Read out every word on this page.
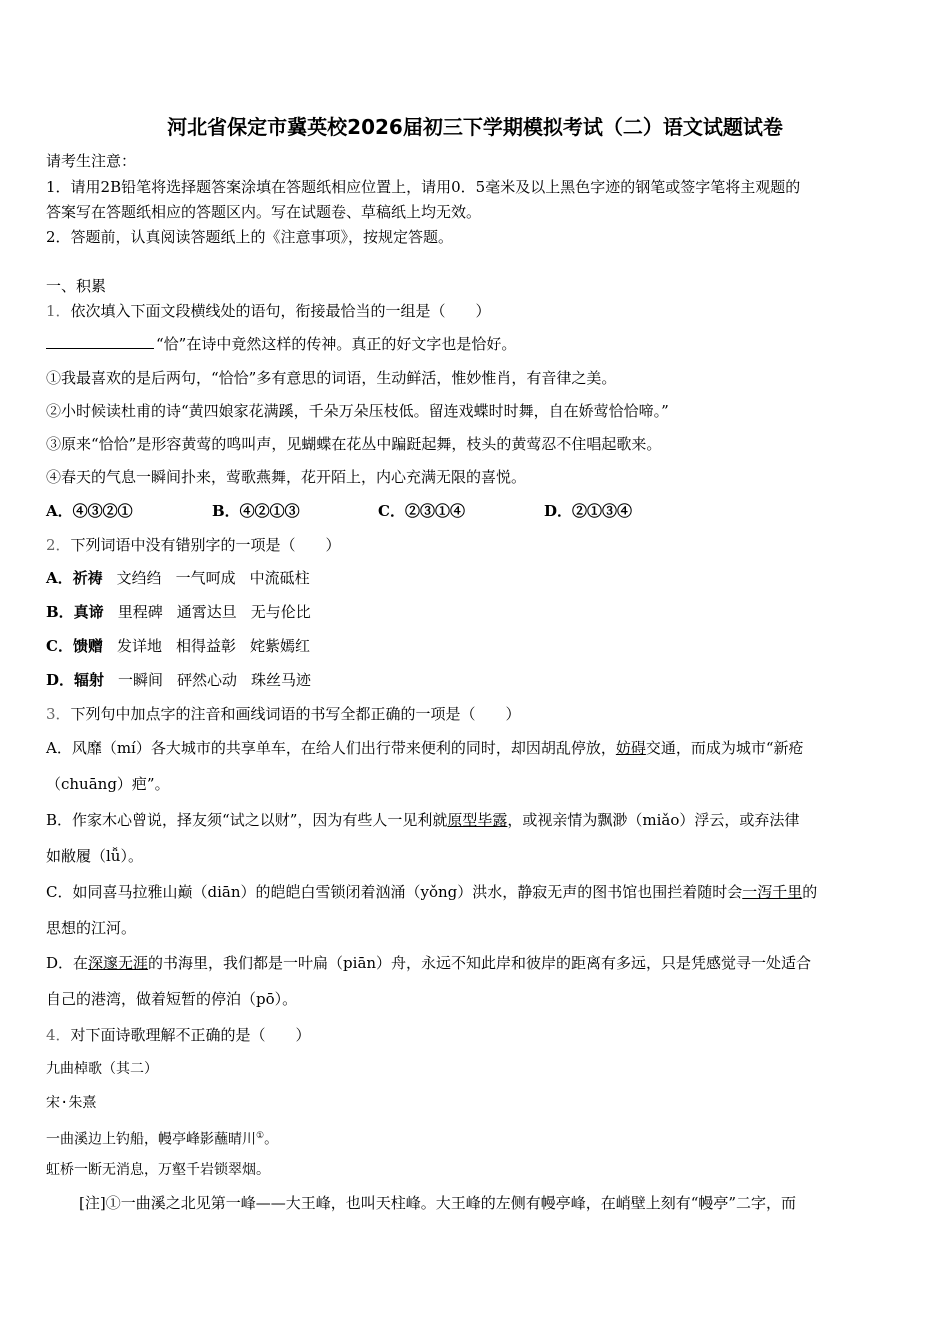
河北省保定市冀英校2026届初三下学期模拟考试（二）语文试题试卷
请考生注意：
1．请用2B铅笔将选择题答案涂填在答题纸相应位置上，请用0．5毫米及以上黑色字迹的钢笔或签字笔将主观题的
答案写在答题纸相应的答题区内。写在试题卷、草稿纸上均无效。
2．答题前，认真阅读答题纸上的《注意事项》，按规定答题。
一、积累
1．依次填入下面文段横线处的语句，衔接最恰当的一组是（　　）
“恰”在诗中竟然这样的传神。真正的好文字也是恰好。
①我最喜欢的是后两句，“恰恰”多有意思的词语，生动鲜活，惟妙惟肖，有音律之美。
②小时候读杜甫的诗“黄四娘家花满蹊，千朵万朵压枝低。留连戏蝶时时舞，自在娇莺恰恰啼。”
③原来“恰恰”是形容黄莺的鸣叫声，见蝴蝶在花丛中蹁跹起舞，枝头的黄莺忍不住唱起歌来。
④春天的气息一瞬间扑来，莺歌燕舞，花开陌上，内心充满无限的喜悦。
A．④③②①	B．④②①③	C．②③①④	D．②①③④
2．下列词语中没有错别字的一项是（　　）
A．祈祷 文绉绉 一气呵成 中流砥柱
B．真谛 里程碑 通霄达旦 无与伦比
C．馈赠 发详地 相得益彰 姹紫嫣红
D．辐射 一瞬间 砰然心动 珠丝马迹
3．下列句中加点字的注音和画线词语的书写全都正确的一项是（　　）
A．风靡（mí）各大城市的共享单车，在给人们出行带来便利的同时，却因胡乱停放，妨碍交通，而成为城市“新疮
（chuāng）疤”。
B．作家木心曾说，择友须“试之以财”，因为有些人一见利就原型毕露，或视亲情为飘渺（miǎo）浮云，或弃法律
如敝履（lǚ）。
C．如同喜马拉雅山巅（diān）的皑皑白雪锁闭着汹涌（yǒng）洪水，静寂无声的图书馆也围拦着随时会一泻千里的
思想的江河。
D．在深邃无涯的书海里，我们都是一叶扁（piān）舟，永远不知此岸和彼岸的距离有多远，只是凭感觉寻一处适合
自己的港湾，做着短暂的停泊（pō）。
4．对下面诗歌理解不正确的是（　　）
九曲棹歌（其二）
宋·朱熹
一曲溪边上钓船，幔亭峰影蘸晴川①。
虹桥一断无消息，万壑千岩锁翠烟。
[注]①一曲溪之北见第一峰——大王峰，也叫天柱峰。大王峰的左侧有幔亭峰，在峭壁上刻有“幔亭”二字，而
